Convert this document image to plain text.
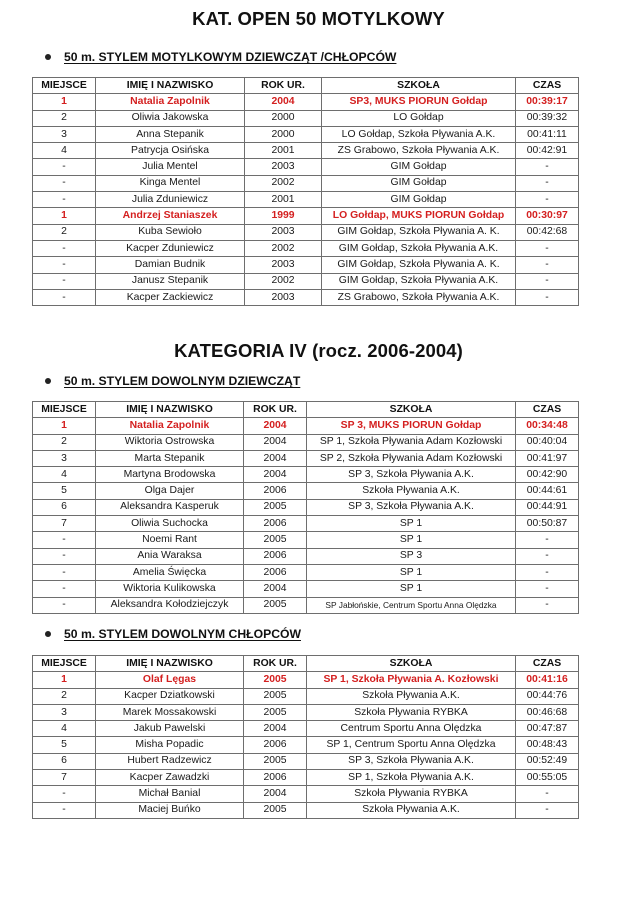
KAT. OPEN 50 MOTYLKOWY
50 m. STYLEM MOTYLKOWYM DZIEWCZĄT /CHŁOPCÓW
MIEJSCE	IMIĘ I NAZWISKO	ROK UR.	SZKOŁA	CZAS
1	Natalia Zapolnik	2004	SP3, MUKS PIORUN Gołdap	00:39:17
2	Oliwia Jakowska	2000	LO Gołdap	00:39:32
3	Anna Stepanik	2000	LO Gołdap, Szkoła Pływania A.K.	00:41:11
4	Patrycja Osińska	2001	ZS Grabowo, Szkoła Pływania A.K.	00:42:91
-	Julia Mentel	2003	GIM Gołdap	-
-	Kinga Mentel	2002	GIM Gołdap	-
-	Julia Zduniewicz	2001	GIM Gołdap	-
1	Andrzej Staniaszek	1999	LO Gołdap, MUKS PIORUN Gołdap	00:30:97
2	Kuba Sewioło	2003	GIM Gołdap, Szkoła Pływania A. K.	00:42:68
-	Kacper Zduniewicz	2002	GIM Gołdap, Szkoła Pływania A.K.	-
-	Damian Budnik	2003	GIM Gołdap, Szkoła Pływania A. K.	-
-	Janusz Stepanik	2002	GIM Gołdap, Szkoła Pływania A.K.	-
-	Kacper Zackiewicz	2003	ZS Grabowo, Szkoła Pływania A.K.	-
KATEGORIA IV (rocz. 2006-2004)
50 m. STYLEM DOWOLNYM DZIEWCZĄT
MIEJSCE	IMIĘ I NAZWISKO	ROK UR.	SZKOŁA	CZAS
1	Natalia Zapolnik	2004	SP 3, MUKS PIORUN Gołdap	00:34:48
2	Wiktoria Ostrowska	2004	SP 1, Szkoła Pływania Adam Kozłowski	00:40:04
3	Marta Stepanik	2004	SP 2, Szkoła Pływania Adam Kozłowski	00:41:97
4	Martyna Brodowska	2004	SP 3, Szkoła Pływania A.K.	00:42:90
5	Olga Dajer	2006	Szkoła Pływania A.K.	00:44:61
6	Aleksandra Kasperuk	2005	SP 3, Szkoła Pływania A.K.	00:44:91
7	Oliwia Suchocka	2006	SP 1	00:50:87
-	Noemi Rant	2005	SP 1	-
-	Ania Waraksa	2006	SP 3	-
-	Amelia Święcka	2006	SP 1	-
-	Wiktoria Kulikowska	2004	SP 1	-
-	Aleksandra Kołodziejczyk	2005	SP Jabłońskie, Centrum Sportu Anna Olędzka	-
50 m. STYLEM DOWOLNYM CHŁOPCÓW
MIEJSCE	IMIĘ I NAZWISKO	ROK UR.	SZKOŁA	CZAS
1	Olaf Lęgas	2005	SP 1, Szkoła Pływania A. Kozłowski	00:41:16
2	Kacper Dziatkowski	2005	Szkoła Pływania A.K.	00:44:76
3	Marek Mossakowski	2005	Szkoła Pływania RYBKA	00:46:68
4	Jakub Pawelski	2004	Centrum Sportu Anna Olędzka	00:47:87
5	Misha Popadic	2006	SP 1, Centrum Sportu Anna Olędzka	00:48:43
6	Hubert Radzewicz	2005	SP 3, Szkoła Pływania A.K.	00:52:49
7	Kacper Zawadzki	2006	SP 1, Szkoła Pływania A.K.	00:55:05
-	Michał Banial	2004	Szkoła Pływania RYBKA	-
-	Maciej Buńko	2005	Szkoła Pływania A.K.	-
